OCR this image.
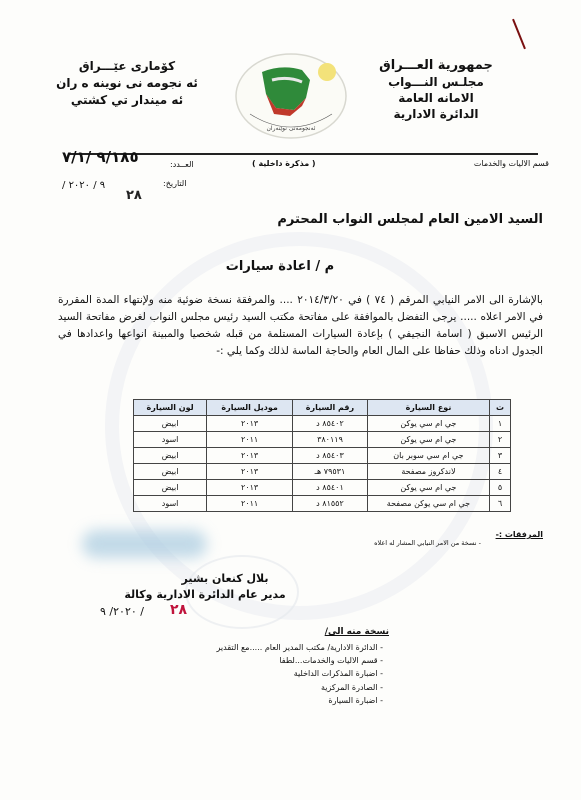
جمهورية العـــراق
مجلـس النـــواب
الامانه العامة
الدائرة الادارية
ئەنجومەنی نوێنەران
كۆماری عێـــراق
ئه نجومه نی نوینه ه ران
ئه ميندار تي كشتي
قسم الاليات والخدمات
( مذكرة داخلية )
العــدد:
٩/١٨٥ /٧/١
التاريخ:
/ ٩ / ٢٠٢٠
٢٨
السيد الامين العام لمجلس النواب المحترم
م / اعادة سيارات
بالإشارة الى الامر النيابي المرقم ( ٧٤ ) في ٢٠١٤/٣/٢٠ .... والمرفقة نسخة ضوئية منه ولإنتهاء المدة المقررة في الامر اعلاه ..... يرجى التفضل بالموافقة على مفاتحة مكتب السيد رئيس مجلس النواب لغرض مفاتحة السيد الرئيس الاسبق ( اسامة النجيفي ) بإعادة السيارات المستلمة من قبله شخصيا والمبينة انواعها واعدادها في الجدول ادناه وذلك حفاظا على المال العام والحاجة الماسة لذلك وكما يلي :-
ت	نوع السيارة	رقم السيارة	موديل السيارة	لون السيارة
١	جي ام سي يوكن	٨٥٤٠٢ د	٢٠١٣	ابيض
٢	جي ام سي يوكن	٣٨٠١١٩	٢٠١١	اسود
٣	جي ام سي سوبر بان	٨٥٤٠٣ د	٢٠١٣	ابيض
٤	لاندكروز مصفحة	٧٩٥٣١ هـ	٢٠١٣	ابيض
٥	جي ام سي يوكن	٨٥٤٠١ د	٢٠١٣	ابيض
٦	جي ام سي يوكن مصفحة	٨١٥٥٢ د	٢٠١١	اسود
المرفقات :-
- نسخة من الامر النيابي المشار له اعلاه
بلال كنعان بشير
مدير عام الدائرة الادارية وكالة
٢٠٢٠/ ٩ / ٢٨
نسخة منه الى/
- الدائرة الادارية/ مكتب المدير العام .....مع التقدير
- قسم الاليات والخدمات...لطفا
- اضبارة المذكرات الداخلية
- الصادرة المركزية
- اضبارة السيارة
